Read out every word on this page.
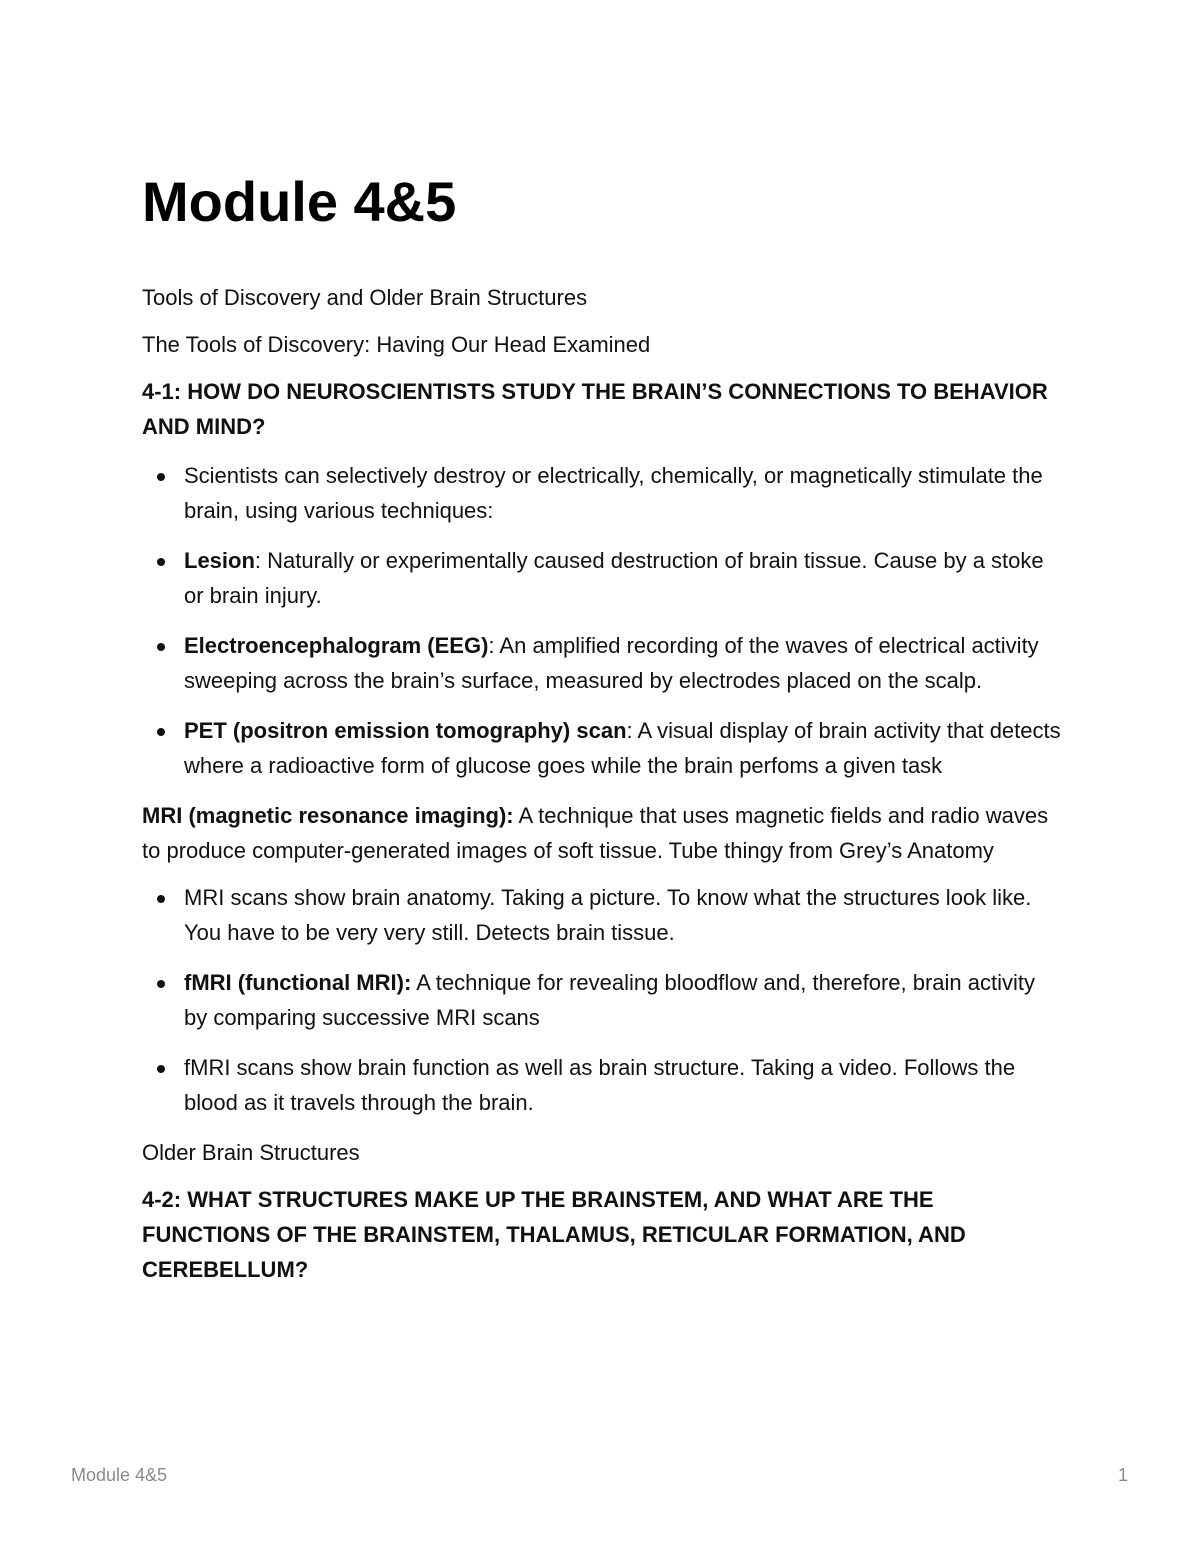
Module 4&5

Tools of Discovery and Older Brain Structures

The Tools of Discovery: Having Our Head Examined

4-1: HOW DO NEUROSCIENTISTS STUDY THE BRAIN’S CONNECTIONS TO BEHAVIOR AND MIND?

Scientists can selectively destroy or electrically, chemically, or magnetically stimulate the brain, using various techniques:
Lesion: Naturally or experimentally caused destruction of brain tissue. Cause by a stoke or brain injury.
Electroencephalogram (EEG): An amplified recording of the waves of electrical activity sweeping across the brain’s surface, measured by electrodes placed on the scalp.
PET (positron emission tomography) scan: A visual display of brain activity that detects where a radioactive form of glucose goes while the brain perfoms a given task

MRI (magnetic resonance imaging): A technique that uses magnetic fields and radio waves to produce computer-generated images of soft tissue. Tube thingy from Grey’s Anatomy

MRI scans show brain anatomy. Taking a picture. To know what the structures look like. You have to be very very still. Detects brain tissue.
fMRI (functional MRI): A technique for revealing bloodflow and, therefore, brain activity by comparing successive MRI scans
fMRI scans show brain function as well as brain structure. Taking a video. Follows the blood as it travels through the brain.

Older Brain Structures

4-2: WHAT STRUCTURES MAKE UP THE BRAINSTEM, AND WHAT ARE THE FUNCTIONS OF THE BRAINSTEM, THALAMUS, RETICULAR FORMATION, AND CEREBELLUM?

Module 4&5	1
